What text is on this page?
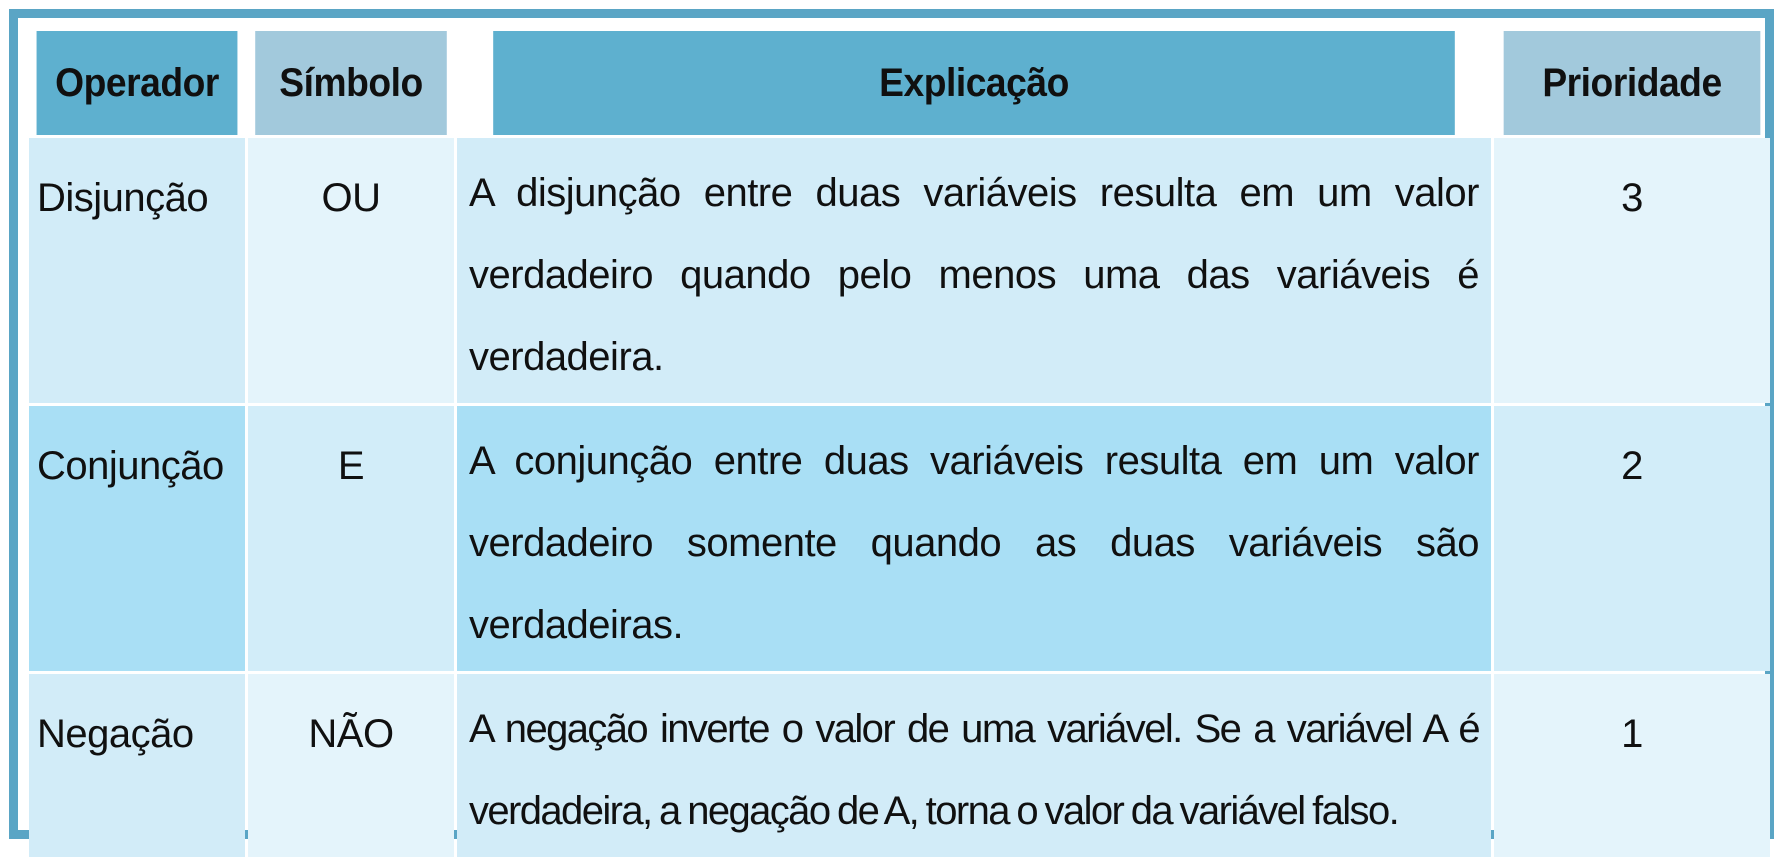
Operador	Símbolo	Explicação	Prioridade
Disjunção	OU	A disjunção entre duas variáveis resulta em um valor verdadeiro quando pelo menos uma das variáveis é verdadeira.	3
Conjunção	E	A conjunção entre duas variáveis resulta em um valor verdadeiro somente quando as duas variáveis são verdadeiras.	2
Negação	NÃO	A negação inverte o valor de uma variável. Se a variável A é verdadeira, a negação de A, torna o valor da variável falso.	1
